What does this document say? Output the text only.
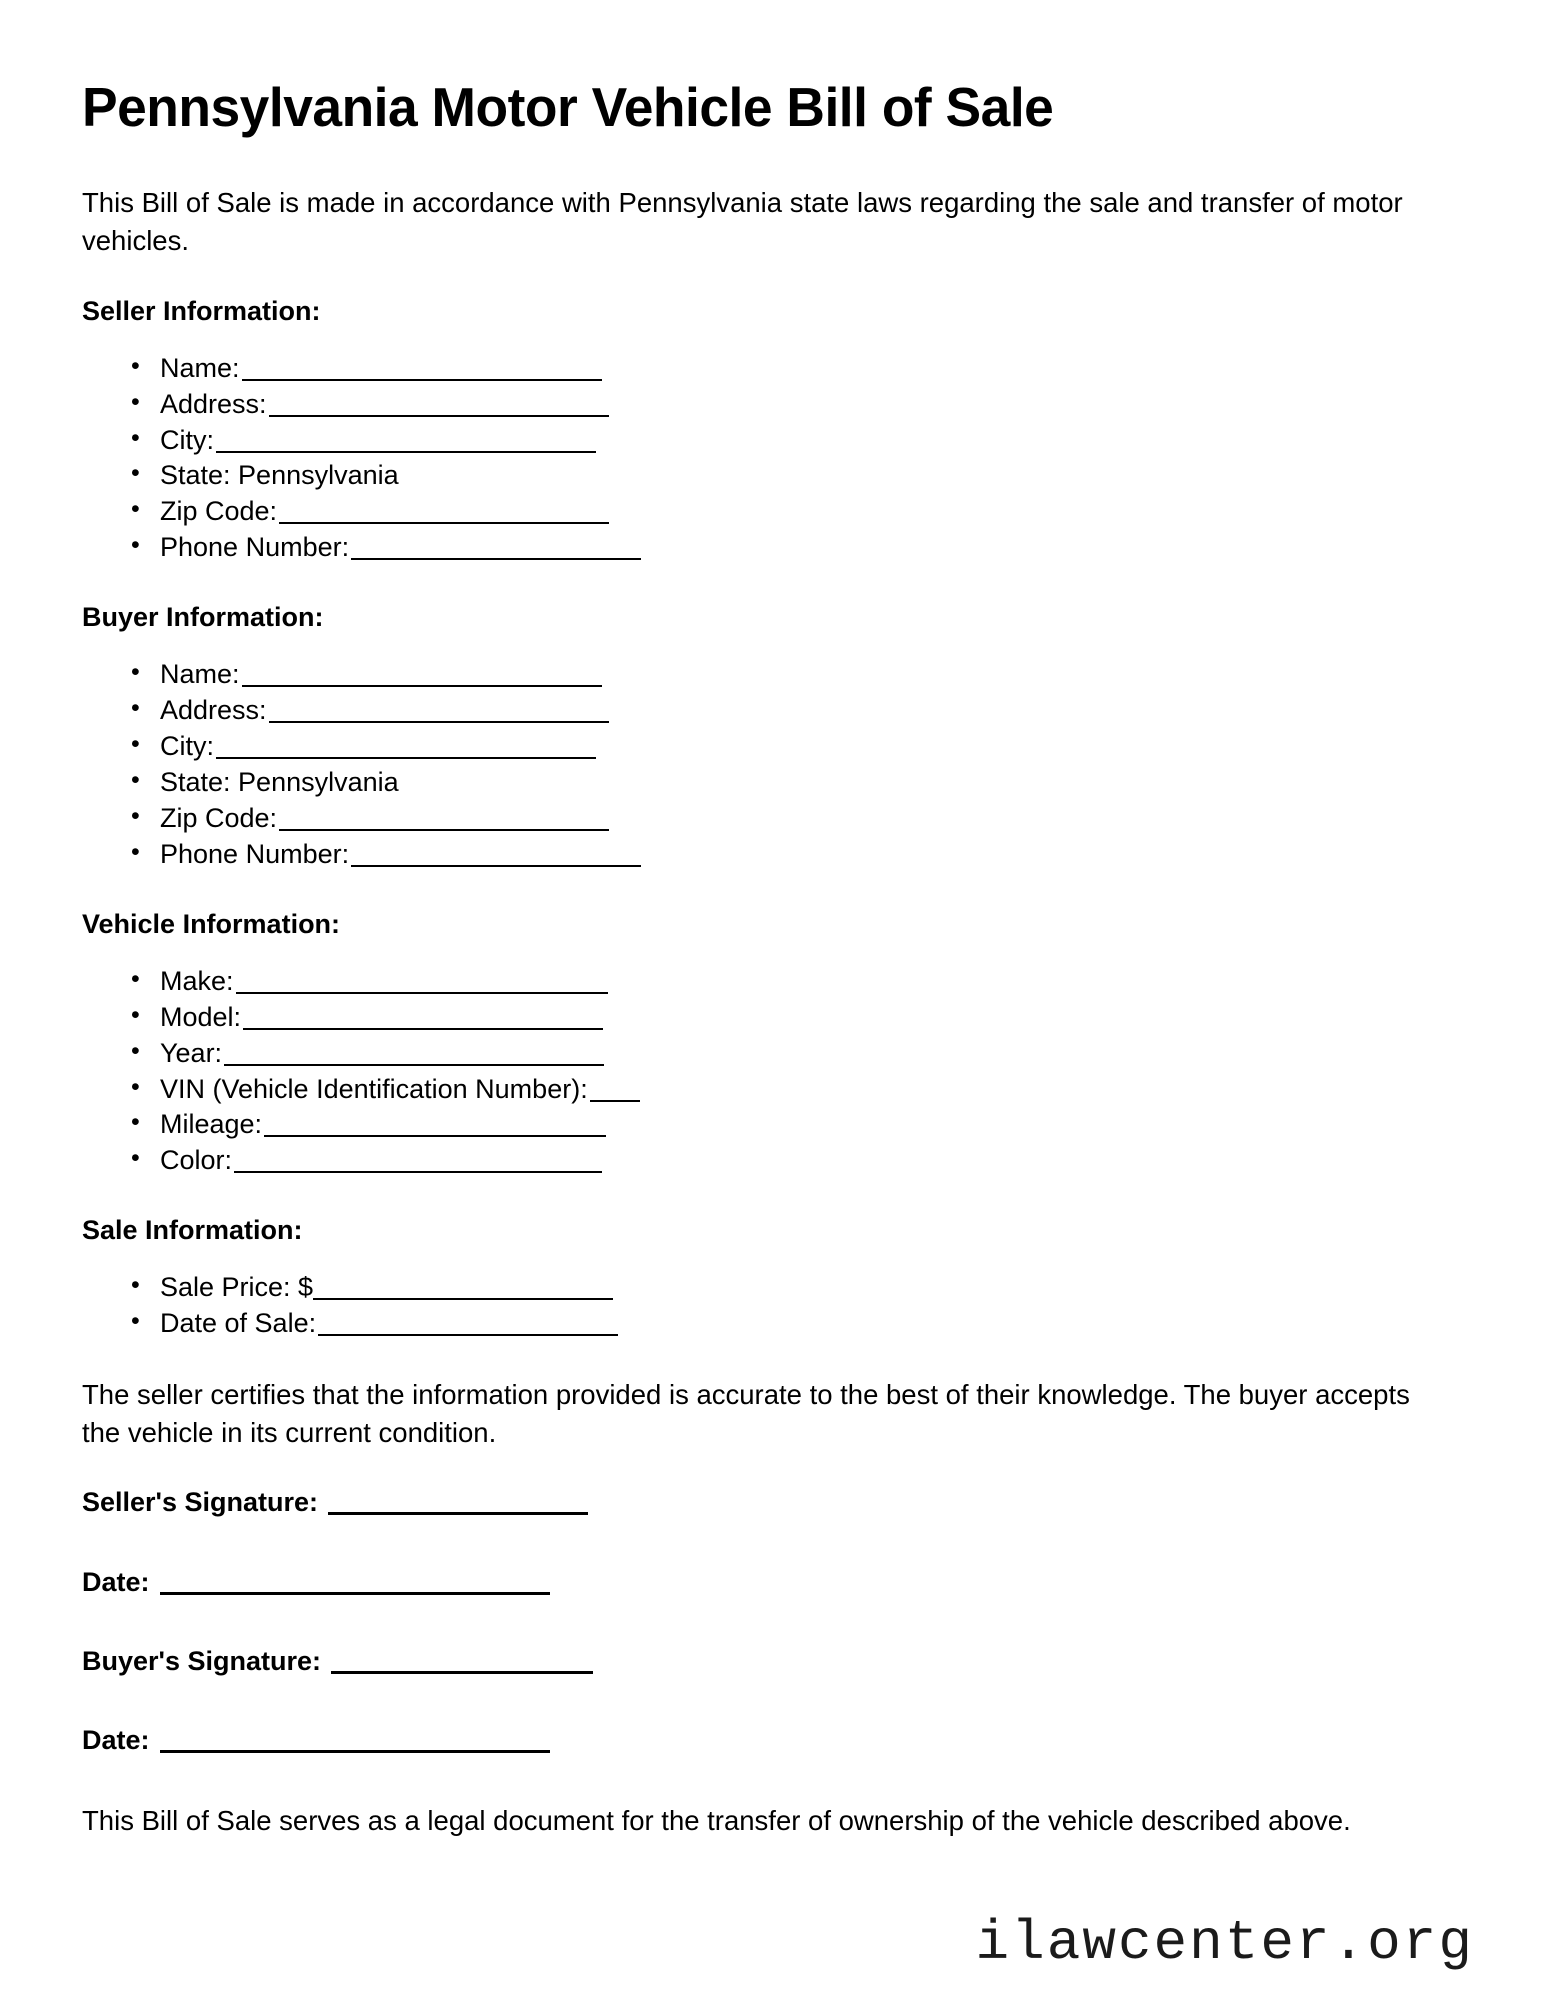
Pennsylvania Motor Vehicle Bill of Sale

This Bill of Sale is made in accordance with Pennsylvania state laws regarding the sale and transfer of motor vehicles.

Seller Information:
• Name:
• Address:
• City:
• State: Pennsylvania
• Zip Code:
• Phone Number:
Buyer Information:
• Name:
• Address:
• City:
• State: Pennsylvania
• Zip Code:
• Phone Number:
Vehicle Information:
• Make:
• Model:
• Year:
• VIN (Vehicle Identification Number):
• Mileage:
• Color:
Sale Information:
• Sale Price: $
• Date of Sale:

The seller certifies that the information provided is accurate to the best of their knowledge. The buyer accepts the vehicle in its current condition.

Seller's Signature:
Date:
Buyer's Signature:
Date:

This Bill of Sale serves as a legal document for the transfer of ownership of the vehicle described above.

ilawcenter.org
